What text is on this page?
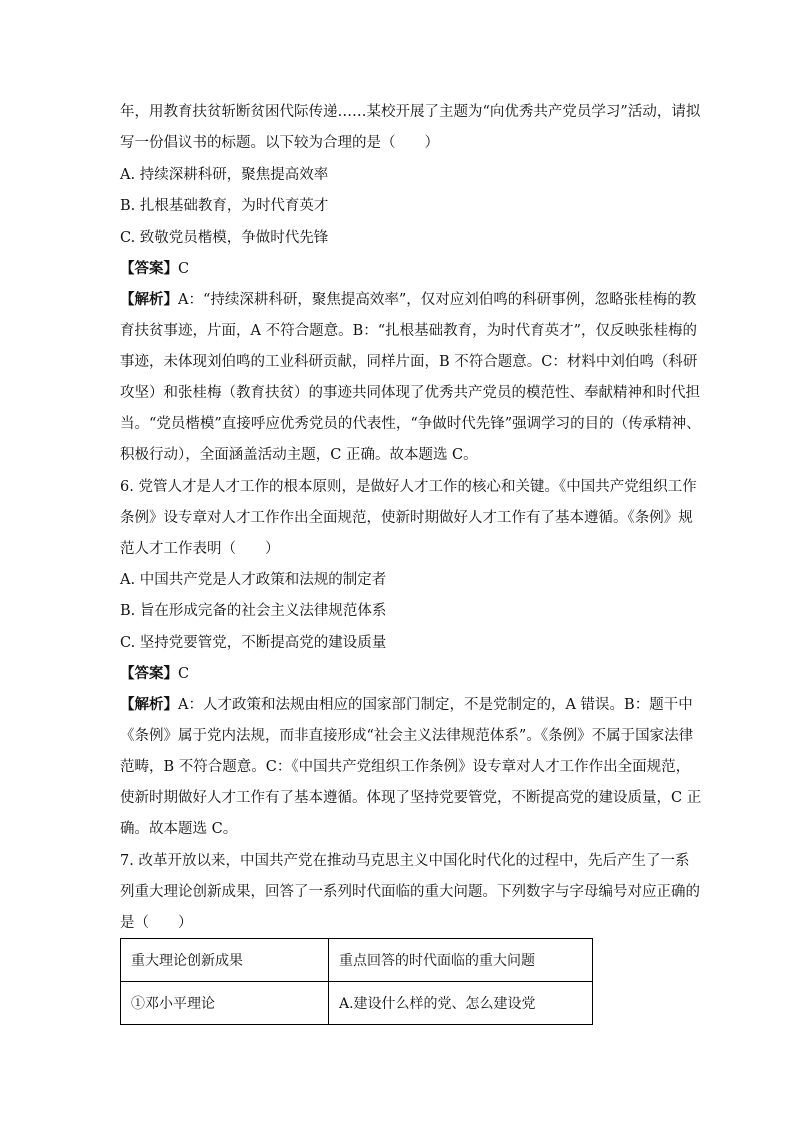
年，用教育扶贫斩断贫困代际传递……某校开展了主题为“向优秀共产党员学习”活动，请拟
写一份倡议书的标题。以下较为合理的是（　　）
A. 持续深耕科研，聚焦提高效率
B. 扎根基础教育，为时代育英才
C. 致敬党员楷模，争做时代先锋
【答案】C
【解析】A：“持续深耕科研，聚焦提高效率”，仅对应刘伯鸣的科研事例，忽略张桂梅的教
育扶贫事迹，片面，A 不符合题意。B：“扎根基础教育，为时代育英才”，仅反映张桂梅的
事迹，未体现刘伯鸣的工业科研贡献，同样片面，B 不符合题意。C：材料中刘伯鸣（科研
攻坚）和张桂梅（教育扶贫）的事迹共同体现了优秀共产党员的模范性、奉献精神和时代担
当。“党员楷模”直接呼应优秀党员的代表性，“争做时代先锋”强调学习的目的（传承精神、
积极行动），全面涵盖活动主题，C 正确。故本题选 C。
6. 党管人才是人才工作的根本原则，是做好人才工作的核心和关键。《中国共产党组织工作
条例》设专章对人才工作作出全面规范，使新时期做好人才工作有了基本遵循。《条例》规
范人才工作表明（　　）
A. 中国共产党是人才政策和法规的制定者
B. 旨在形成完备的社会主义法律规范体系
C. 坚持党要管党，不断提高党的建设质量
【答案】C
【解析】A：人才政策和法规由相应的国家部门制定，不是党制定的，A 错误。B：题干中
《条例》属于党内法规，而非直接形成“社会主义法律规范体系”。《条例》不属于国家法律
范畴，B 不符合题意。C：《中国共产党组织工作条例》设专章对人才工作作出全面规范，
使新时期做好人才工作有了基本遵循。体现了坚持党要管党，不断提高党的建设质量，C 正
确。故本题选 C。
7. 改革开放以来，中国共产党在推动马克思主义中国化时代化的过程中，先后产生了一系
列重大理论创新成果，回答了一系列时代面临的重大问题。下列数字与字母编号对应正确的
是（　　）
重大理论创新成果	重点回答的时代面临的重大问题
①邓小平理论	A.建设什么样的党、怎么建设党
